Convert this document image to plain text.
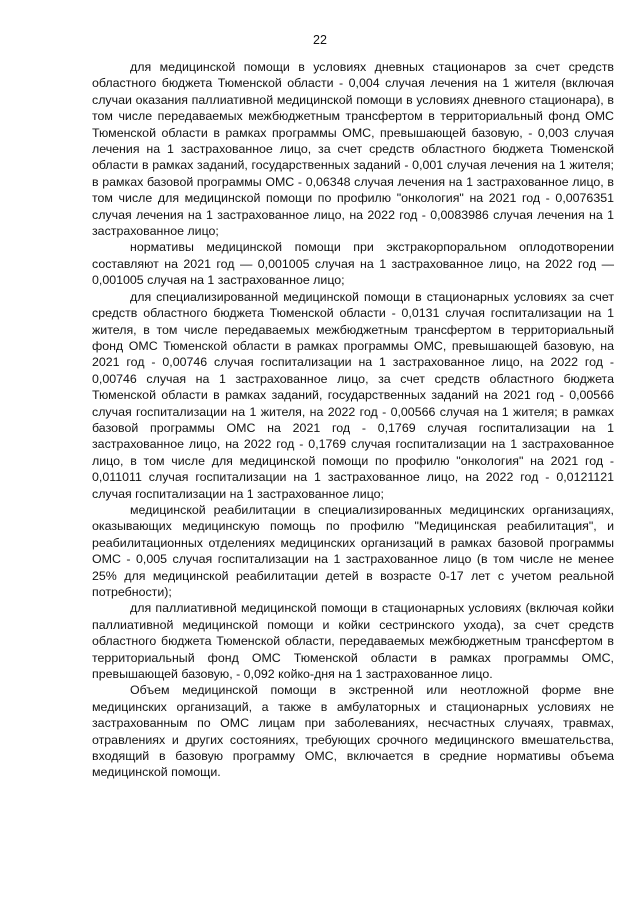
22

для медицинской помощи в условиях дневных стационаров за счет средств областного бюджета Тюменской области - 0,004 случая лечения на 1 жителя (включая случаи оказания паллиативной медицинской помощи в условиях дневного стационара), в том числе передаваемых межбюджетным трансфертом в территориальный фонд ОМС Тюменской области в рамках программы ОМС, превышающей базовую, - 0,003 случая лечения на 1 застрахованное лицо, за счет средств областного бюджета Тюменской области в рамках заданий, государственных заданий - 0,001 случая лечения на 1 жителя; в рамках базовой программы ОМС - 0,06348 случая лечения на 1 застрахованное лицо, в том числе для медицинской помощи по профилю "онкология" на 2021 год - 0,0076351 случая лечения на 1 застрахованное лицо, на 2022 год - 0,0083986 случая лечения на 1 застрахованное лицо;

нормативы медицинской помощи при экстракорпоральном оплодотворении составляют на 2021 год — 0,001005 случая на 1 застрахованное лицо, на 2022 год — 0,001005 случая на 1 застрахованное лицо;

для специализированной медицинской помощи в стационарных условиях за счет средств областного бюджета Тюменской области - 0,0131 случая госпитализации на 1 жителя, в том числе передаваемых межбюджетным трансфертом в территориальный фонд ОМС Тюменской области в рамках программы ОМС, превышающей базовую, на 2021 год - 0,00746 случая госпитализации на 1 застрахованное лицо, на 2022 год - 0,00746 случая на 1 застрахованное лицо, за счет средств областного бюджета Тюменской области в рамках заданий, государственных заданий на 2021 год - 0,00566 случая госпитализации на 1 жителя, на 2022 год - 0,00566 случая на 1 жителя; в рамках базовой программы ОМС на 2021 год - 0,1769 случая госпитализации на 1 застрахованное лицо, на 2022 год - 0,1769 случая госпитализации на 1 застрахованное лицо, в том числе для медицинской помощи по профилю "онкология" на 2021 год - 0,011011 случая госпитализации на 1 застрахованное лицо, на 2022 год - 0,0121121 случая госпитализации на 1 застрахованное лицо;

медицинской реабилитации в специализированных медицинских организациях, оказывающих медицинскую помощь по профилю "Медицинская реабилитация", и реабилитационных отделениях медицинских организаций в рамках базовой программы ОМС - 0,005 случая госпитализации на 1 застрахованное лицо (в том числе не менее 25% для медицинской реабилитации детей в возрасте 0-17 лет с учетом реальной потребности);

для паллиативной медицинской помощи в стационарных условиях (включая койки паллиативной медицинской помощи и койки сестринского ухода), за счет средств областного бюджета Тюменской области, передаваемых межбюджетным трансфертом в территориальный фонд ОМС Тюменской области в рамках программы ОМС, превышающей базовую, - 0,092 койко-дня на 1 застрахованное лицо.

Объем медицинской помощи в экстренной или неотложной форме вне медицинских организаций, а также в амбулаторных и стационарных условиях не застрахованным по ОМС лицам при заболеваниях, несчастных случаях, травмах, отравлениях и других состояниях, требующих срочного медицинского вмешательства, входящий в базовую программу ОМС, включается в средние нормативы объема медицинской помощи.
